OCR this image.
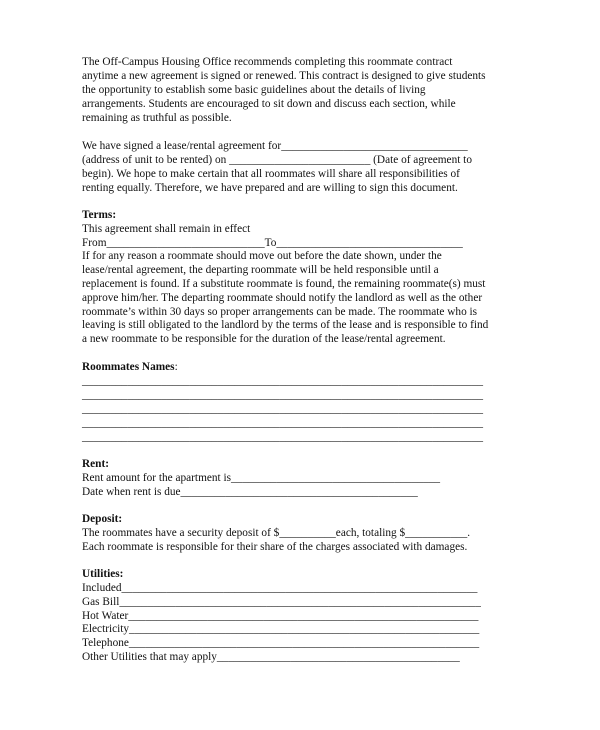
The Off-Campus Housing Office recommends completing this roommate contract
anytime a new agreement is signed or renewed. This contract is designed to give students
the opportunity to establish some basic guidelines about the details of living
arrangements. Students are encouraged to sit down and discuss each section, while
remaining as truthful as possible.
We have signed a lease/rental agreement for_________________________________
(address of unit to be rented) on _________________________ (Date of agreement to
begin). We hope to make certain that all roommates will share all responsibilities of
renting equally. Therefore, we have prepared and are willing to sign this document.
Terms:
This agreement shall remain in effect
From____________________________To_________________________________
If for any reason a roommate should move out before the date shown, under the
lease/rental agreement, the departing roommate will be held responsible until a
replacement is found. If a substitute roommate is found, the remaining roommate(s) must
approve him/her. The departing roommate should notify the landlord as well as the other
roommate’s within 30 days so proper arrangements can be made. The roommate who is
leaving is still obligated to the landlord by the terms of the lease and is responsible to find
a new roommate to be responsible for the duration of the lease/rental agreement.
Roommates Names:
_______________________________________________________________________
_______________________________________________________________________
_______________________________________________________________________
_______________________________________________________________________
_______________________________________________________________________
Rent:
Rent amount for the apartment is_____________________________________
Date when rent is due__________________________________________
Deposit:
The roommates have a security deposit of $__________each, totaling $___________.
Each roommate is responsible for their share of the charges associated with damages.
Utilities:
Included_______________________________________________________________
Gas Bill________________________________________________________________
Hot Water______________________________________________________________
Electricity______________________________________________________________
Telephone______________________________________________________________
Other Utilities that may apply___________________________________________
